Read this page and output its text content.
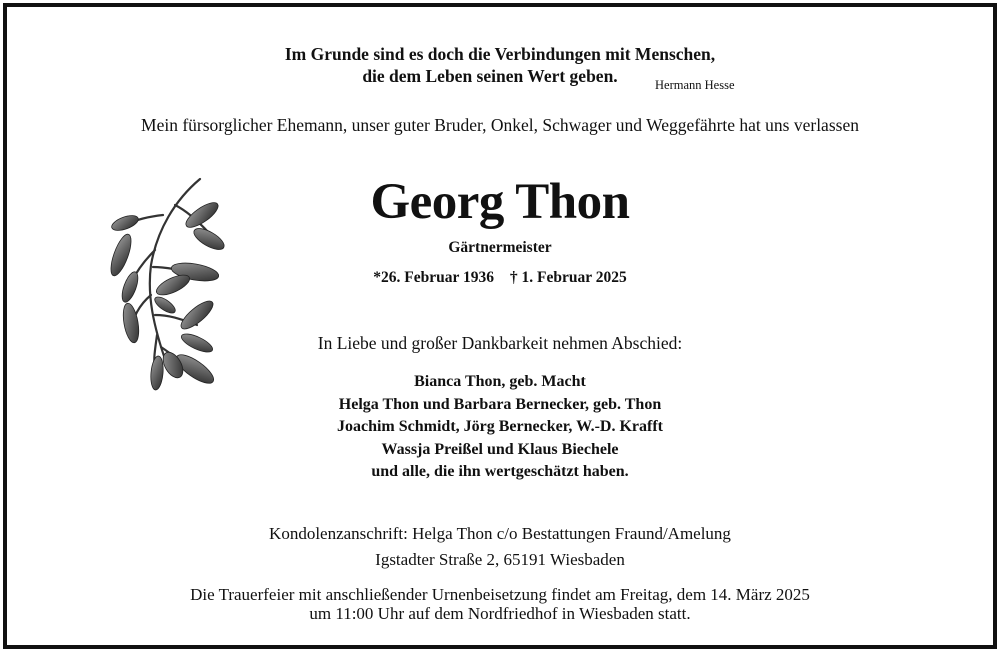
Im Grunde sind es doch die Verbindungen mit Menschen,
die dem Leben seinen Wert geben.	Hermann Hesse
Mein fürsorglicher Ehemann, unser guter Bruder, Onkel, Schwager und Weggefährte hat uns verlassen
Georg Thon
Gärtnermeister
*26. Februar 1936 † 1. Februar 2025
In Liebe und großer Dankbarkeit nehmen Abschied:
Bianca Thon, geb. Macht
Helga Thon und Barbara Bernecker, geb. Thon
Joachim Schmidt, Jörg Bernecker, W.-D. Krafft
Wassja Preißel und Klaus Biechele
und alle, die ihn wertgeschätzt haben.
Kondolenzanschrift: Helga Thon c/o Bestattungen Fraund/Amelung
Igstadter Straße 2, 65191 Wiesbaden
Die Trauerfeier mit anschließender Urnenbeisetzung findet am Freitag, dem 14. März 2025
um 11:00 Uhr auf dem Nordfriedhof in Wiesbaden statt.
